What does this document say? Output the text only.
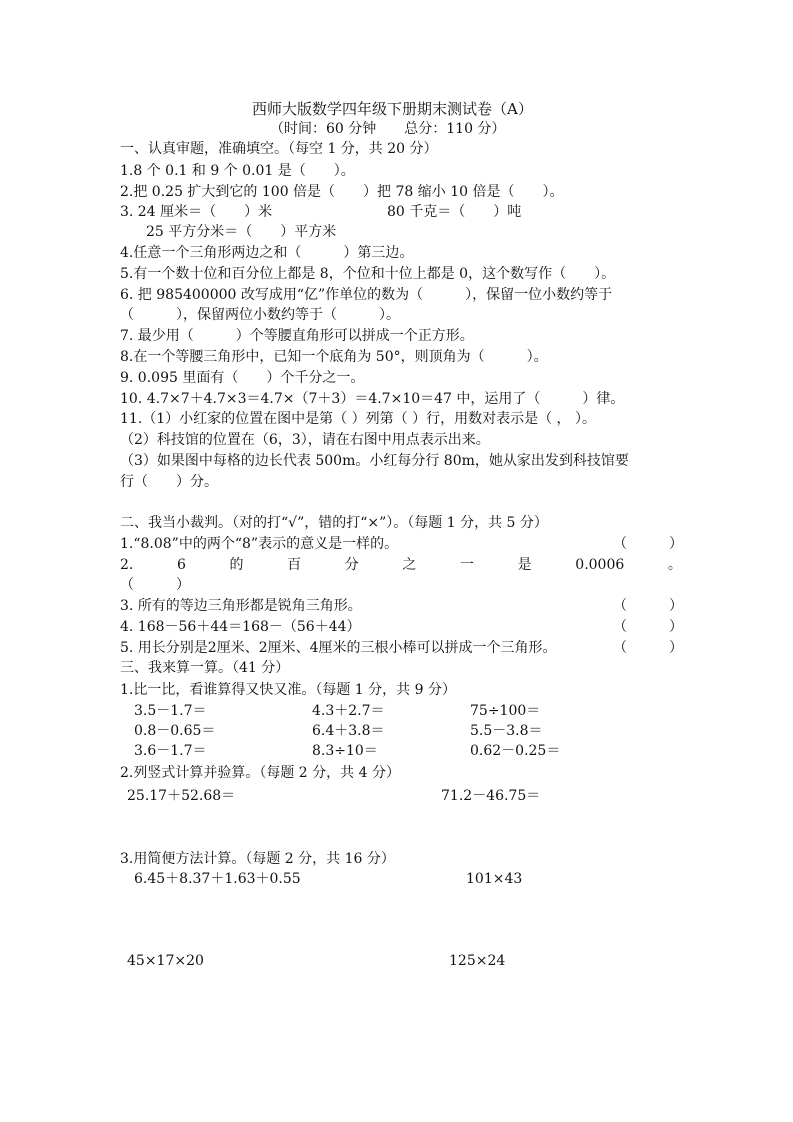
西师大版数学四年级下册期末测试卷（A）
（时间：60 分钟　　总分：110 分）
一、认真审题，准确填空。（每空 1 分，共 20 分）
1.8 个 0.1 和 9 个 0.01 是（　　）。
2.把 0.25 扩大到它的 100 倍是（　　）把 78 缩小 10 倍是（　　）。
3. 24 厘米＝（　　）米	80 千克＝（　　）吨
25 平方分米＝（　　）平方米
4.任意一个三角形两边之和（　　　）第三边。
5.有一个数十位和百分位上都是 8，个位和十位上都是 0，这个数写作（　　）。
6. 把 985400000 改写成用“亿”作单位的数为（　　　），保留一位小数约等于
（　　　），保留两位小数约等于（　　　）。
7. 最少用（　　　）个等腰直角形可以拼成一个正方形。
8.在一个等腰三角形中，已知一个底角为 50°，则顶角为（　　　）。
9. 0.095 里面有（　　）个千分之一。
10. 4.7×7＋4.7×3＝4.7×（7＋3）＝4.7×10＝47 中，运用了（　　　）律。
11.（1）小红家的位置在图中是第（ ）列第（ ）行，用数对表示是（ ， ）。
（2）科技馆的位置在（6，3），请在右图中用点表示出来。
（3）如果图中每格的边长代表 500m。小红每分行 80m，她从家出发到科技馆要
行（　　）分。
二、我当小裁判。（对的打“√”，错的打“×”）。（每题 1 分，共 5 分）
1.“8.08”中的两个“8”表示的意义是一样的。	（　　　）
2.	6	的	百	分	之	一	是	0.0006	。
（　　　）
3. 所有的等边三角形都是锐角三角形。	（　　　）
4. 168－56＋44＝168－（56＋44）	（　　　）
5. 用长分别是2厘米、2厘米、4厘米的三根小棒可以拼成一个三角形。	（　　　）
三、我来算一算。（41 分）
1.比一比，看谁算得又快又准。（每题 1 分，共 9 分）
3.5－1.7＝	4.3＋2.7＝	75÷100＝
0.8－0.65＝	6.4＋3.8＝	5.5－3.8＝
3.6－1.7＝	8.3÷10＝	0.62－0.25＝
2.列竖式计算并验算。（每题 2 分，共 4 分）
25.17＋52.68＝	71.2－46.75＝
3.用简便方法计算。（每题 2 分，共 16 分）
6.45＋8.37＋1.63＋0.55	101×43
45×17×20	125×24
